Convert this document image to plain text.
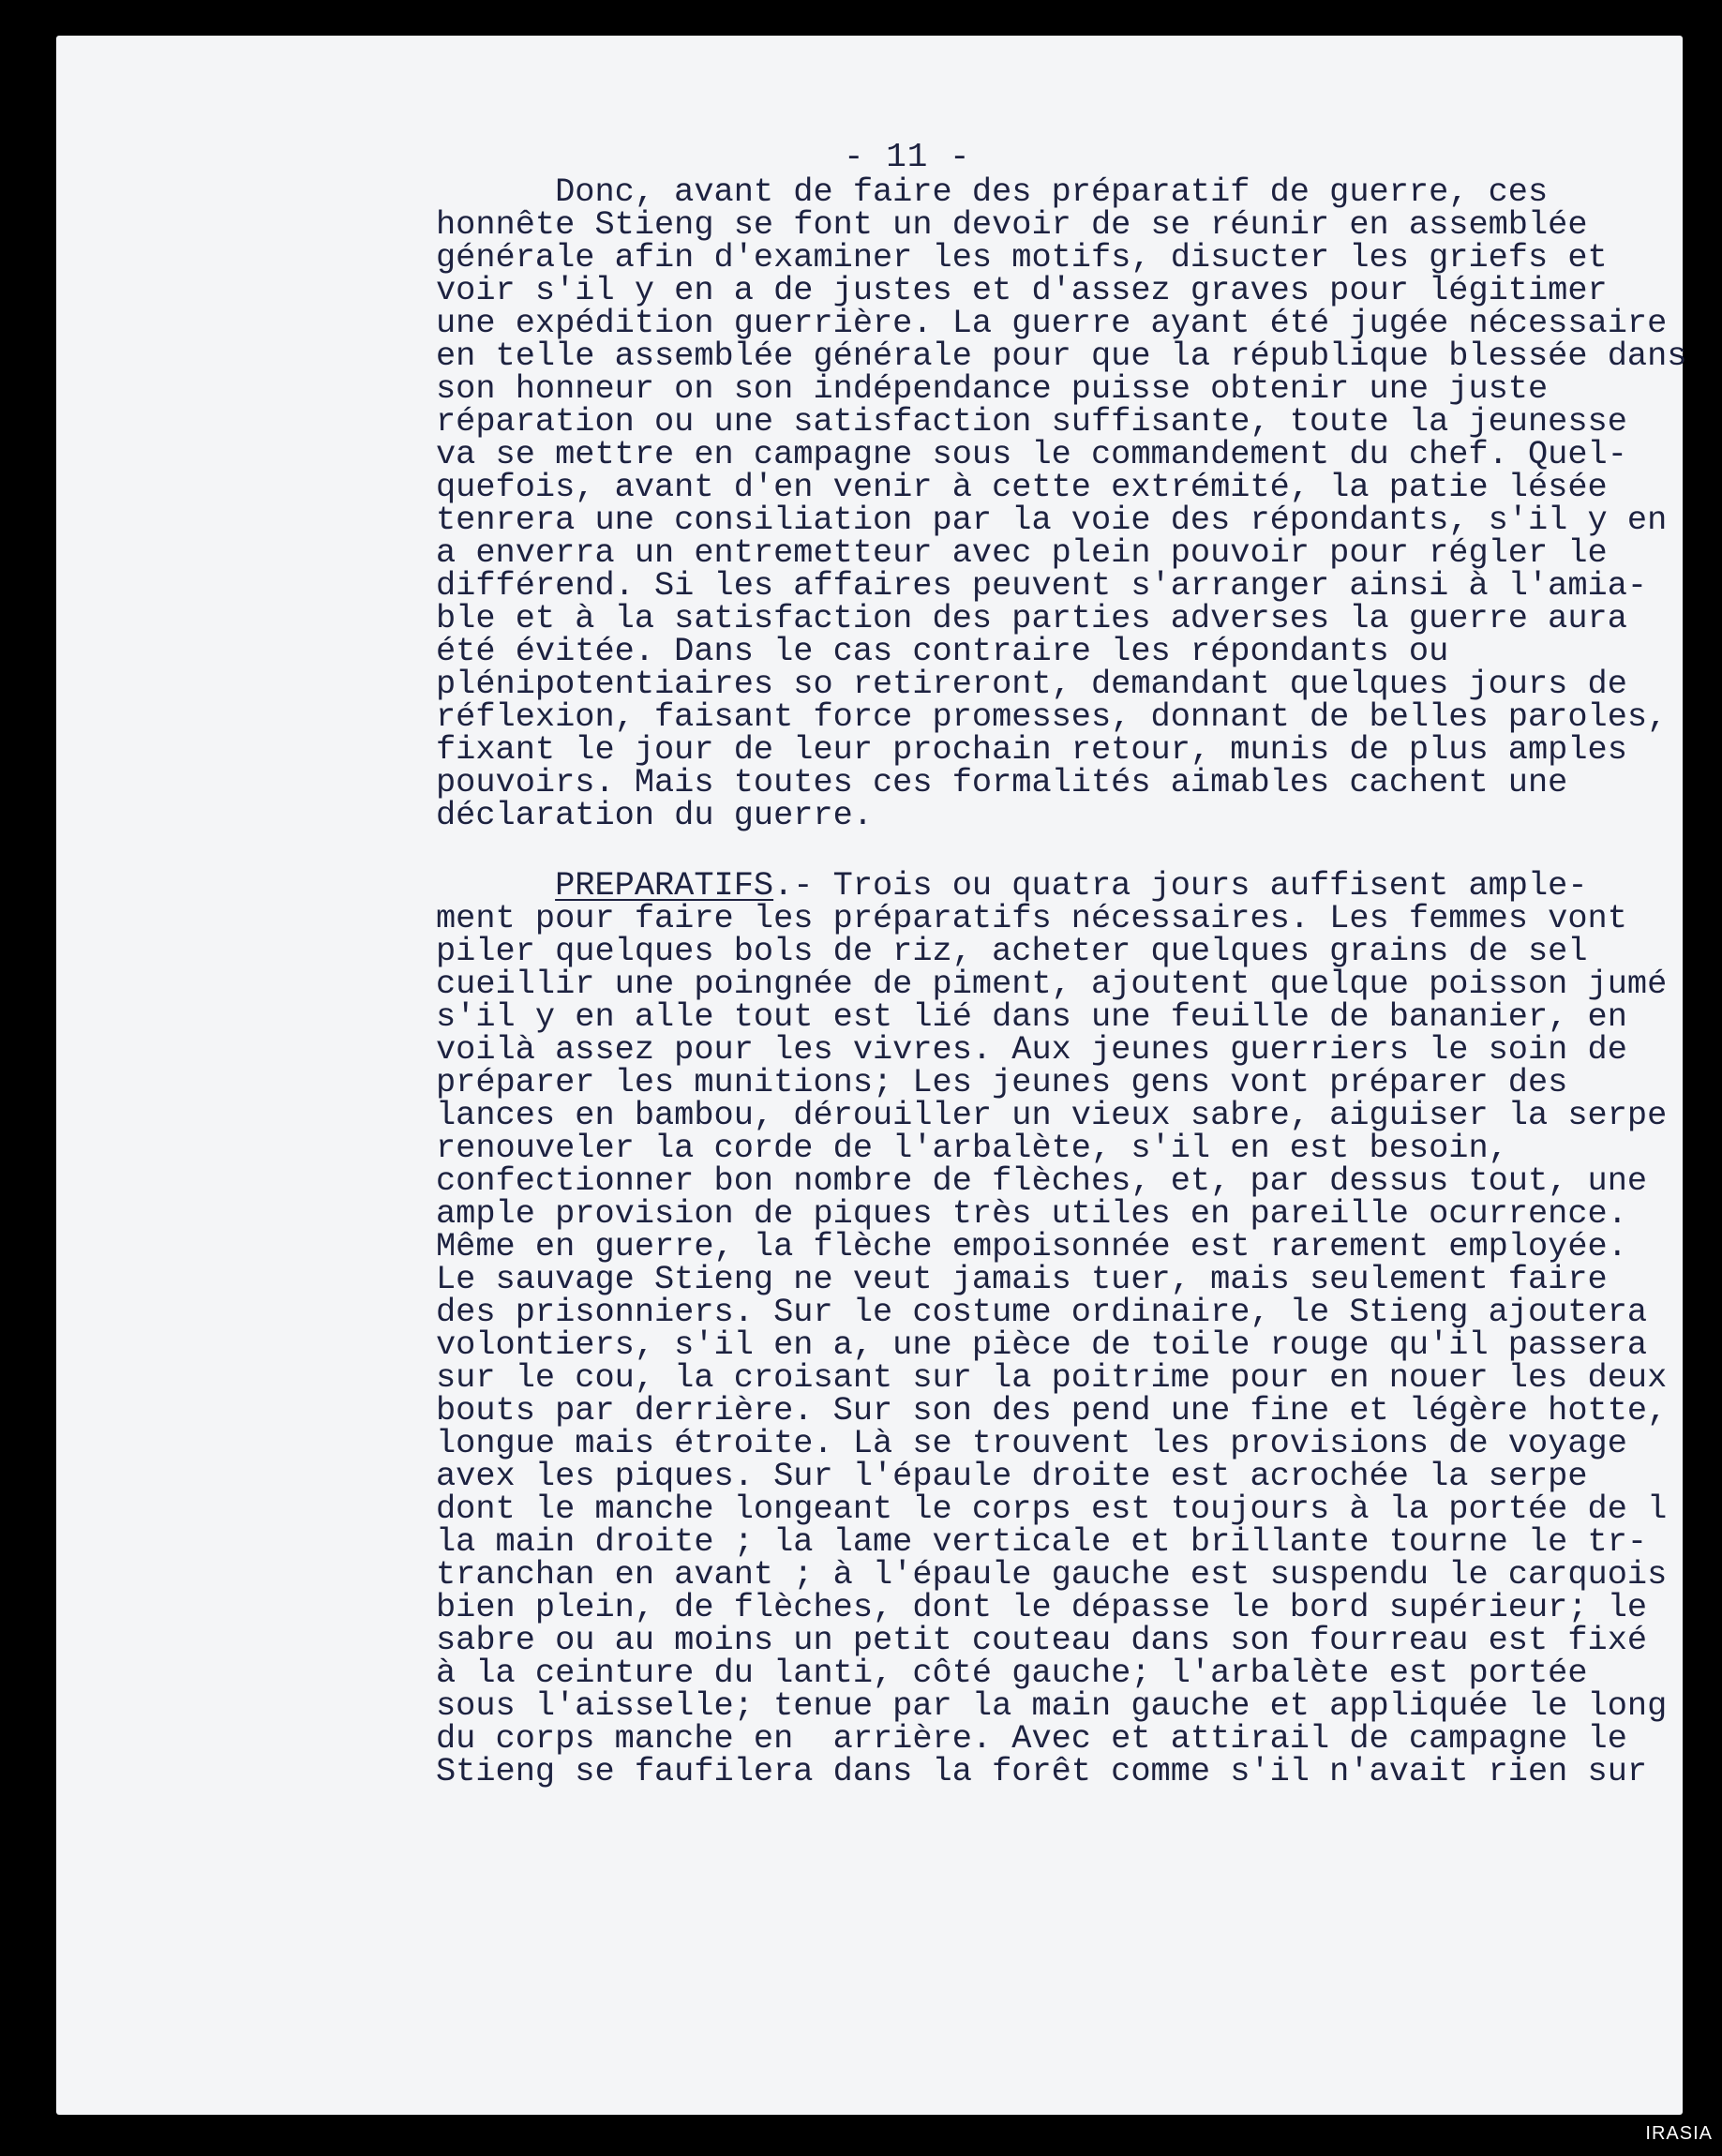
- 11 -
Donc, avant de faire des préparatif de guerre, ces
honnête Stieng se font un devoir de se réunir en assemblée
générale afin d'examiner les motifs, disucter les griefs et
voir s'il y en a de justes et d'assez graves pour légitimer
une expédition guerrière. La guerre ayant été jugée nécessaire
en telle assemblée générale pour que la république blessée dans
son honneur on son indépendance puisse obtenir une juste
réparation ou une satisfaction suffisante, toute la jeunesse
va se mettre en campagne sous le commandement du chef. Quel-
quefois, avant d'en venir à cette extrémité, la patie lésée
tenrera une consiliation par la voie des répondants, s'il y en
a enverra un entremetteur avec plein pouvoir pour régler le
différend. Si les affaires peuvent s'arranger ainsi à l'amia-
ble et à la satisfaction des parties adverses la guerre aura
été évitée. Dans le cas contraire les répondants ou
plénipotentiaires so retireront, demandant quelques jours de
réflexion, faisant force promesses, donnant de belles paroles,
fixant le jour de leur prochain retour, munis de plus amples
pouvoirs. Mais toutes ces formalités aimables cachent une
déclaration du guerre.
PREPARATIFS.- Trois ou quatra jours auffisent ample-
ment pour faire les préparatifs nécessaires. Les femmes vont
piler quelques bols de riz, acheter quelques grains de sel
cueillir une poingnée de piment, ajoutent quelque poisson jumé
s'il y en alle tout est lié dans une feuille de bananier, en
voilà assez pour les vivres. Aux jeunes guerriers le soin de
préparer les munitions; Les jeunes gens vont préparer des
lances en bambou, dérouiller un vieux sabre, aiguiser la serpe
renouveler la corde de l'arbalète, s'il en est besoin,
confectionner bon nombre de flèches, et, par dessus tout, une
ample provision de piques très utiles en pareille ocurrence.
Même en guerre, la flèche empoisonnée est rarement employée.
Le sauvage Stieng ne veut jamais tuer, mais seulement faire
des prisonniers. Sur le costume ordinaire, le Stieng ajoutera
volontiers, s'il en a, une pièce de toile rouge qu'il passera
sur le cou, la croisant sur la poitrime pour en nouer les deux
bouts par derrière. Sur son des pend une fine et légère hotte,
longue mais étroite. Là se trouvent les provisions de voyage
avex les piques. Sur l'épaule droite est acrochée la serpe
dont le manche longeant le corps est toujours à la portée de l
la main droite ; la lame verticale et brillante tourne le tr-
tranchan en avant ; à l'épaule gauche est suspendu le carquois
bien plein, de flèches, dont le dépasse le bord supérieur; le
sabre ou au moins un petit couteau dans son fourreau est fixé
à la ceinture du lanti, côté gauche; l'arbalète est portée
sous l'aisselle; tenue par la main gauche et appliquée le long
du corps manche en  arrière. Avec et attirail de campagne le
Stieng se faufilera dans la forêt comme s'il n'avait rien sur
IRASIA
